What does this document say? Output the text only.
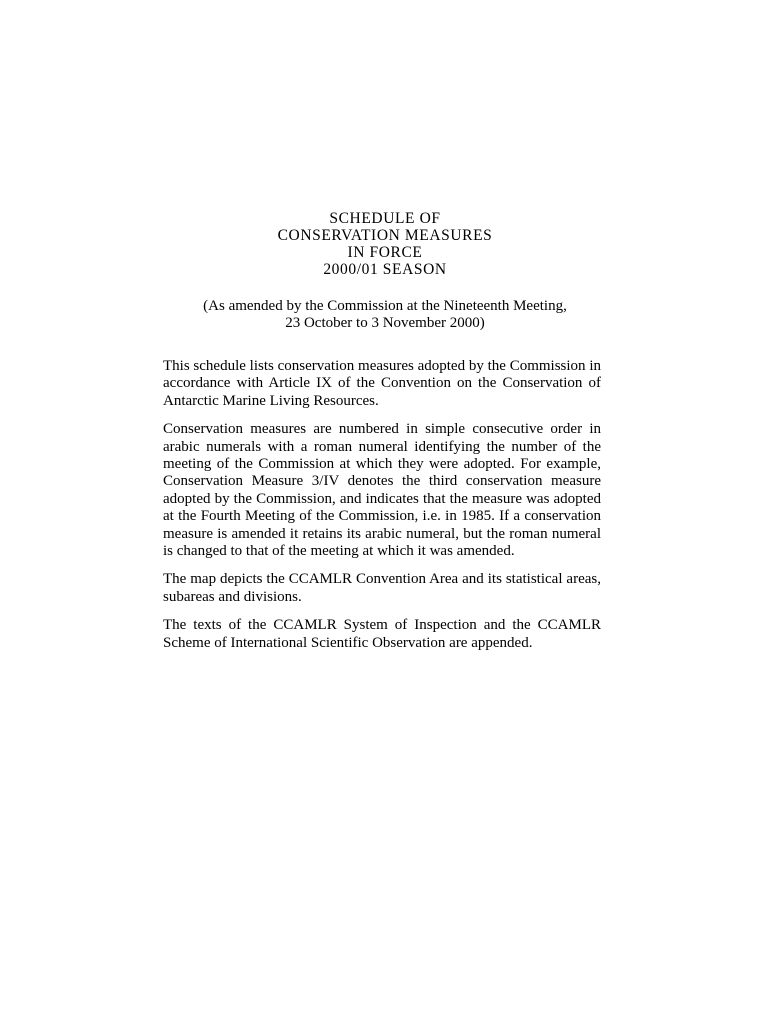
SCHEDULE OF
CONSERVATION MEASURES
IN FORCE
2000/01 SEASON
(As amended by the Commission at the Nineteenth Meeting,
23 October to 3 November 2000)

This schedule lists conservation measures adopted by the Commission in accordance with Article IX of the Convention on the Conservation of Antarctic Marine Living Resources.

Conservation measures are numbered in simple consecutive order in arabic numerals with a roman numeral identifying the number of the meeting of the Commission at which they were adopted. For example, Conservation Measure 3/IV denotes the third conservation measure adopted by the Commission, and indicates that the measure was adopted at the Fourth Meeting of the Commission, i.e. in 1985. If a conservation measure is amended it retains its arabic numeral, but the roman numeral is changed to that of the meeting at which it was amended.

The map depicts the CCAMLR Convention Area and its statistical areas, subareas and divisions.

The texts of the CCAMLR System of Inspection and the CCAMLR Scheme of International Scientific Observation are appended.
